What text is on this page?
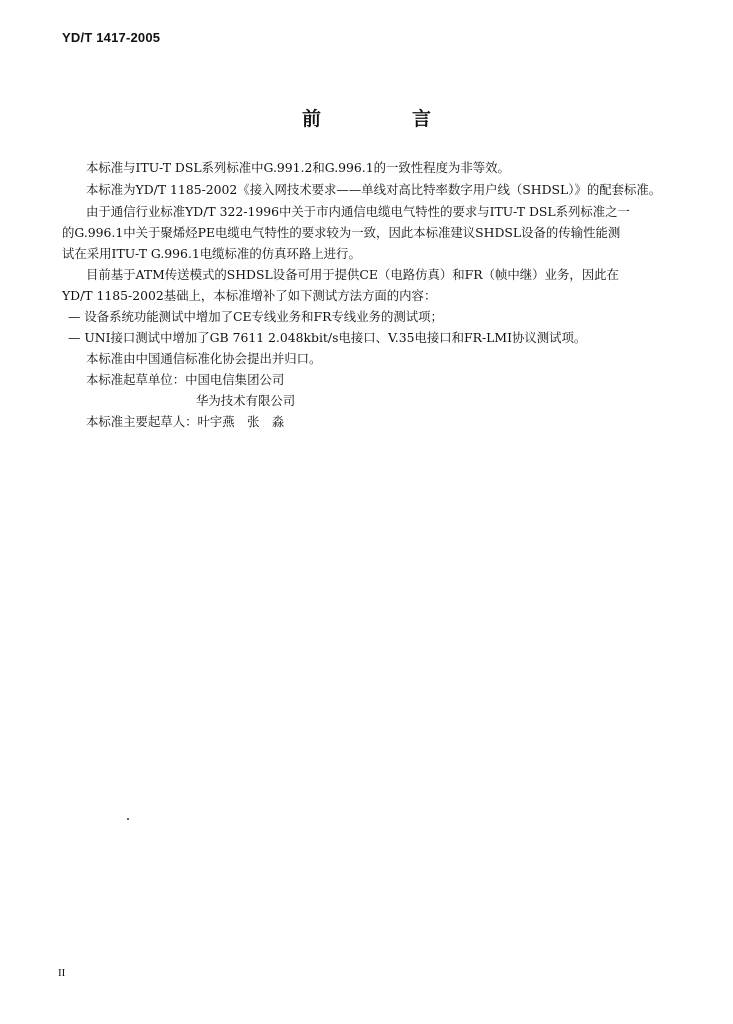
YD/T 1417-2005
前　言
本标准与ITU-T DSL系列标准中G.991.2和G.996.1的一致性程度为非等效。
本标准为YD/T 1185-2002《接入网技术要求——单线对高比特率数字用户线（SHDSL）》的配套标准。
由于通信行业标准YD/T 322-1996中关于市内通信电缆电气特性的要求与ITU-T DSL系列标准之一
的G.996.1中关于聚烯烃PE电缆电气特性的要求较为一致，因此本标准建议SHDSL设备的传输性能测
试在采用ITU-T G.996.1电缆标准的仿真环路上进行。
目前基于ATM传送模式的SHDSL设备可用于提供CE（电路仿真）和FR（帧中继）业务，因此在
YD/T 1185-2002基础上，本标准增补了如下测试方法方面的内容：
— 设备系统功能测试中增加了CE专线业务和FR专线业务的测试项；
— UNI接口测试中增加了GB 7611 2.048kbit/s电接口、V.35电接口和FR-LMI协议测试项。
本标准由中国通信标准化协会提出并归口。
本标准起草单位：中国电信集团公司
华为技术有限公司
本标准主要起草人：叶宇燕　张　淼
II
